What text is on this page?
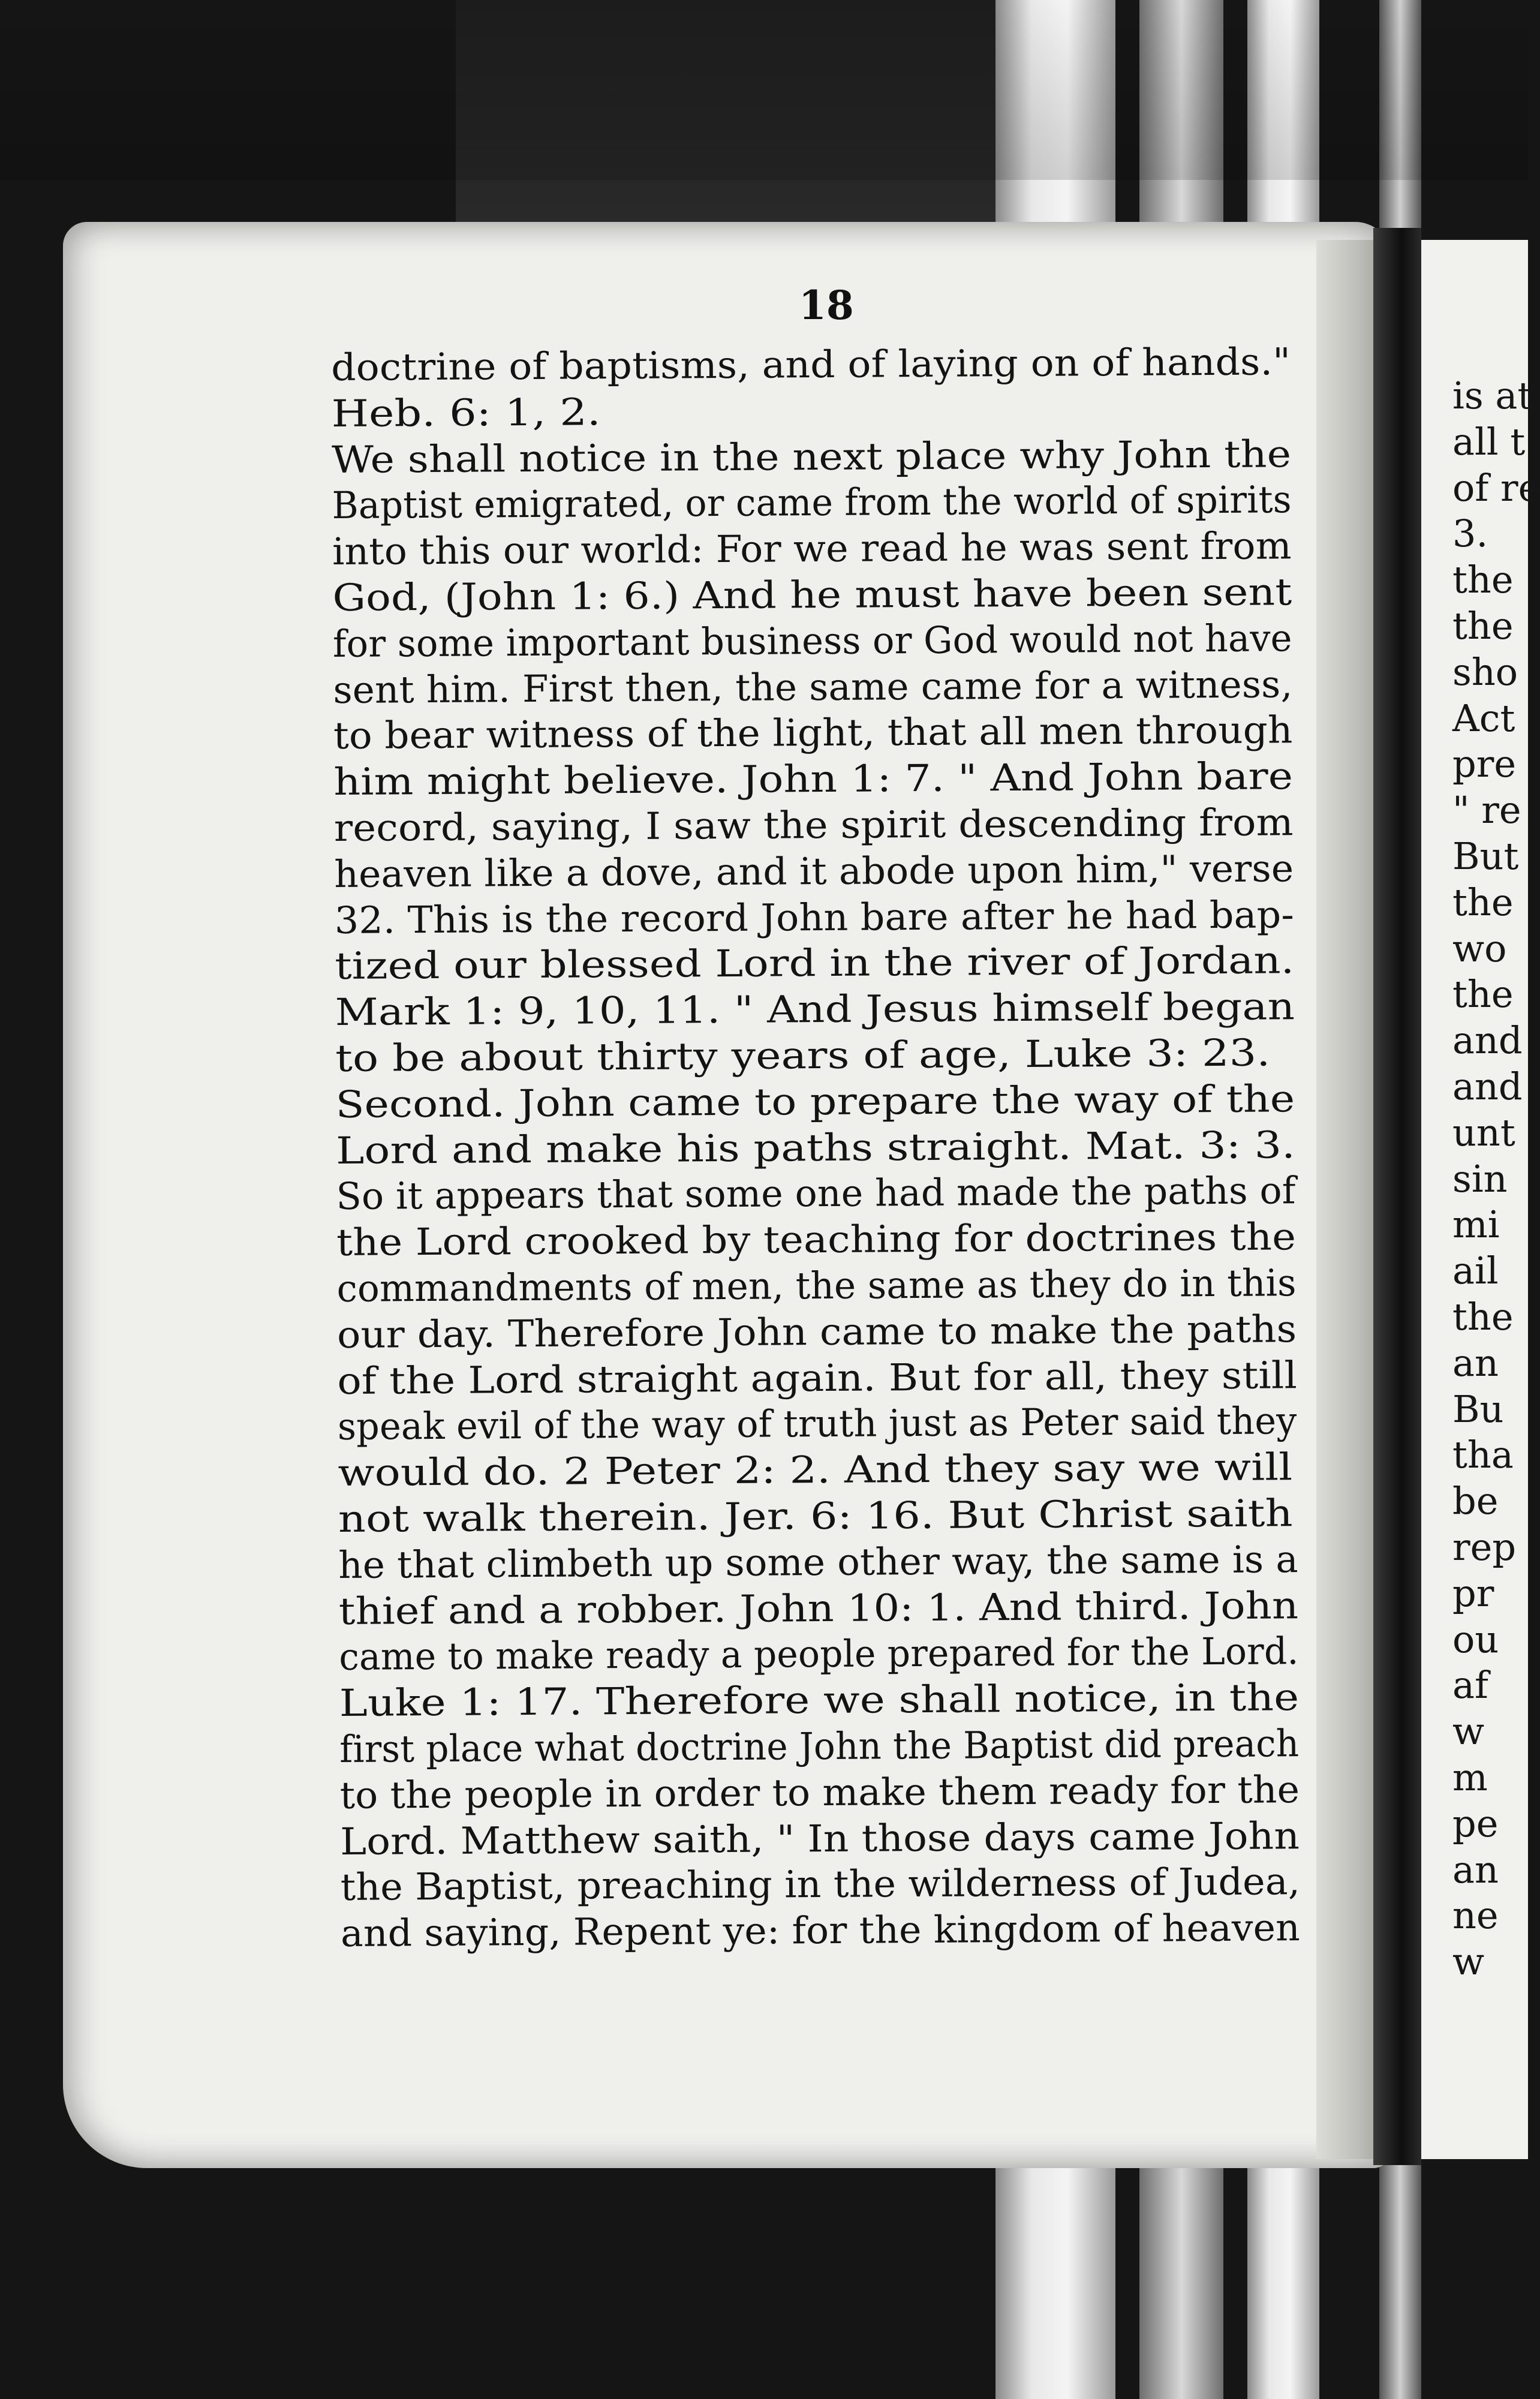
is at
all t
of re
3.
the
the
sho
Act
pre
" re
But
the
wo
the
and
and
unt
sin
mi
ail
the
an
Bu
tha
be
rep
pr
ou
af
w
m
pe
an
ne
w
18
doctrine of baptisms, and of laying on of hands."
Heb. 6: 1, 2.
We shall notice in the next place why John the
Baptist emigrated, or came from the world of spirits
into this our world: For we read he was sent from
God, (John 1: 6.) And he must have been sent
for some important business or God would not have
sent him. First then, the same came for a witness,
to bear witness of the light, that all men through
him might believe. John 1: 7. " And John bare
record, saying, I saw the spirit descending from
heaven like a dove, and it abode upon him," verse
32. This is the record John bare after he had bap-
tized our blessed Lord in the river of Jordan.
Mark 1: 9, 10, 11. " And Jesus himself began
to be about thirty years of age, Luke 3: 23.
Second. John came to prepare the way of the
Lord and make his paths straight. Mat. 3: 3.
So it appears that some one had made the paths of
the Lord crooked by teaching for doctrines the
commandments of men, the same as they do in this
our day. Therefore John came to make the paths
of the Lord straight again. But for all, they still
speak evil of the way of truth just as Peter said they
would do. 2 Peter 2: 2. And they say we will
not walk therein. Jer. 6: 16. But Christ saith
he that climbeth up some other way, the same is a
thief and a robber. John 10: 1. And third. John
came to make ready a people prepared for the Lord.
Luke 1: 17. Therefore we shall notice, in the
first place what doctrine John the Baptist did preach
to the people in order to make them ready for the
Lord. Matthew saith, " In those days came John
the Baptist, preaching in the wilderness of Judea,
and saying, Repent ye: for the kingdom of heaven
